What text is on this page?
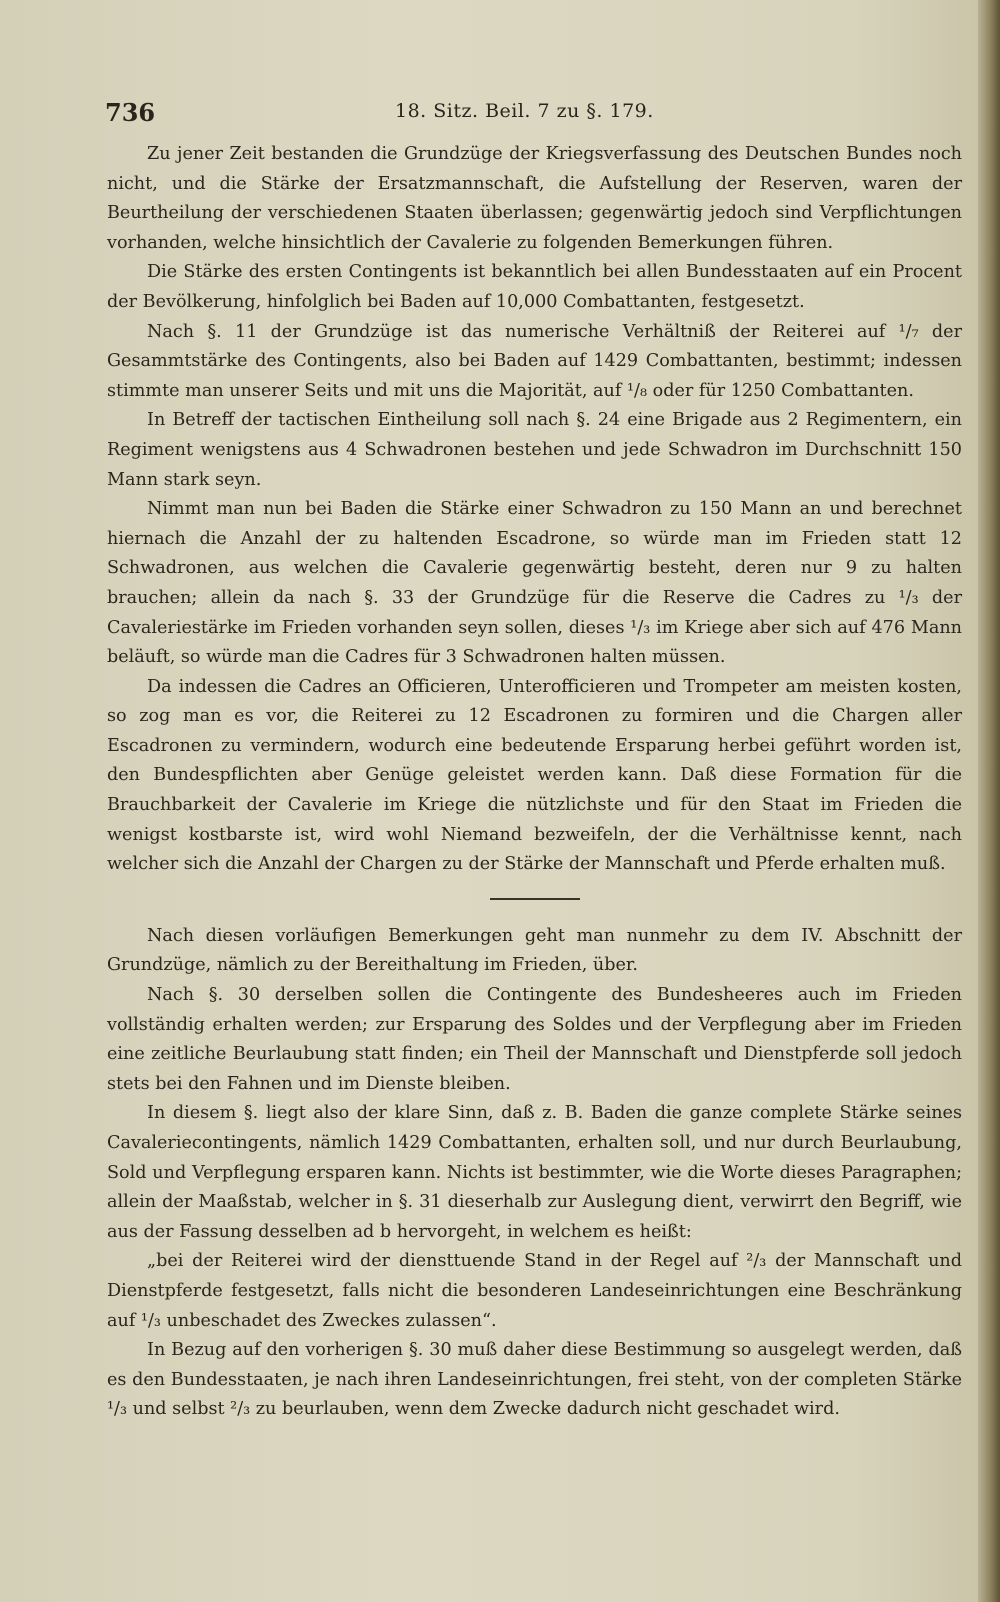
736	18. Sitz. Beil. 7 zu §. 179.

Zu jener Zeit bestanden die Grundzüge der Kriegsverfassung des Deutschen Bundes noch nicht, und die Stärke der Ersatzmannschaft, die Aufstellung der Reserven, waren der Beurtheilung der verschiedenen Staaten überlassen; gegenwärtig jedoch sind Verpflichtungen vorhanden, welche hinsichtlich der Cavalerie zu folgenden Bemerkungen führen.

Die Stärke des ersten Contingents ist bekanntlich bei allen Bundesstaaten auf ein Procent der Bevölkerung, hinfolglich bei Baden auf 10,000 Combattanten, festgesetzt.

Nach §. 11 der Grundzüge ist das numerische Verhältniß der Reiterei auf ¹/₇ der Gesammtstärke des Contingents, also bei Baden auf 1429 Combattanten, bestimmt; indessen stimmte man unserer Seits und mit uns die Majorität, auf ¹/₈ oder für 1250 Combattanten.

In Betreff der tactischen Eintheilung soll nach §. 24 eine Brigade aus 2 Regimentern, ein Regiment wenigstens aus 4 Schwadronen bestehen und jede Schwadron im Durchschnitt 150 Mann stark seyn.

Nimmt man nun bei Baden die Stärke einer Schwadron zu 150 Mann an und berechnet hiernach die Anzahl der zu haltenden Escadrone, so würde man im Frieden statt 12 Schwadronen, aus welchen die Cavalerie gegenwärtig besteht, deren nur 9 zu halten brauchen; allein da nach §. 33 der Grundzüge für die Reserve die Cadres zu ¹/₃ der Cavaleriestärke im Frieden vorhanden seyn sollen, dieses ¹/₃ im Kriege aber sich auf 476 Mann beläuft, so würde man die Cadres für 3 Schwadronen halten müssen.

Da indessen die Cadres an Officieren, Unterofficieren und Trompeter am meisten kosten, so zog man es vor, die Reiterei zu 12 Escadronen zu formiren und die Chargen aller Escadronen zu vermindern, wodurch eine bedeutende Ersparung herbei geführt worden ist, den Bundespflichten aber Genüge geleistet werden kann. Daß diese Formation für die Brauchbarkeit der Cavalerie im Kriege die nützlichste und für den Staat im Frieden die wenigst kostbarste ist, wird wohl Niemand bezweifeln, der die Verhältnisse kennt, nach welcher sich die Anzahl der Chargen zu der Stärke der Mannschaft und Pferde erhalten muß.

Nach diesen vorläufigen Bemerkungen geht man nunmehr zu dem IV. Abschnitt der Grundzüge, nämlich zu der Bereithaltung im Frieden, über.

Nach §. 30 derselben sollen die Contingente des Bundesheeres auch im Frieden vollständig erhalten werden; zur Ersparung des Soldes und der Verpflegung aber im Frieden eine zeitliche Beurlaubung statt finden; ein Theil der Mannschaft und Dienstpferde soll jedoch stets bei den Fahnen und im Dienste bleiben.

In diesem §. liegt also der klare Sinn, daß z. B. Baden die ganze complete Stärke seines Cavaleriecontingents, nämlich 1429 Combattanten, erhalten soll, und nur durch Beurlaubung, Sold und Verpflegung ersparen kann. Nichts ist bestimmter, wie die Worte dieses Paragraphen; allein der Maaßstab, welcher in §. 31 dieserhalb zur Auslegung dient, verwirrt den Begriff, wie aus der Fassung desselben ad b hervorgeht, in welchem es heißt:

„bei der Reiterei wird der diensttuende Stand in der Regel auf ²/₃ der Mannschaft und Dienstpferde festgesetzt, falls nicht die besonderen Landeseinrichtungen eine Beschränkung auf ¹/₃ unbeschadet des Zweckes zulassen“.

In Bezug auf den vorherigen §. 30 muß daher diese Bestimmung so ausgelegt werden, daß es den Bundesstaaten, je nach ihren Landeseinrichtungen, frei steht, von der completen Stärke ¹/₃ und selbst ²/₃ zu beurlauben, wenn dem Zwecke dadurch nicht geschadet wird.
